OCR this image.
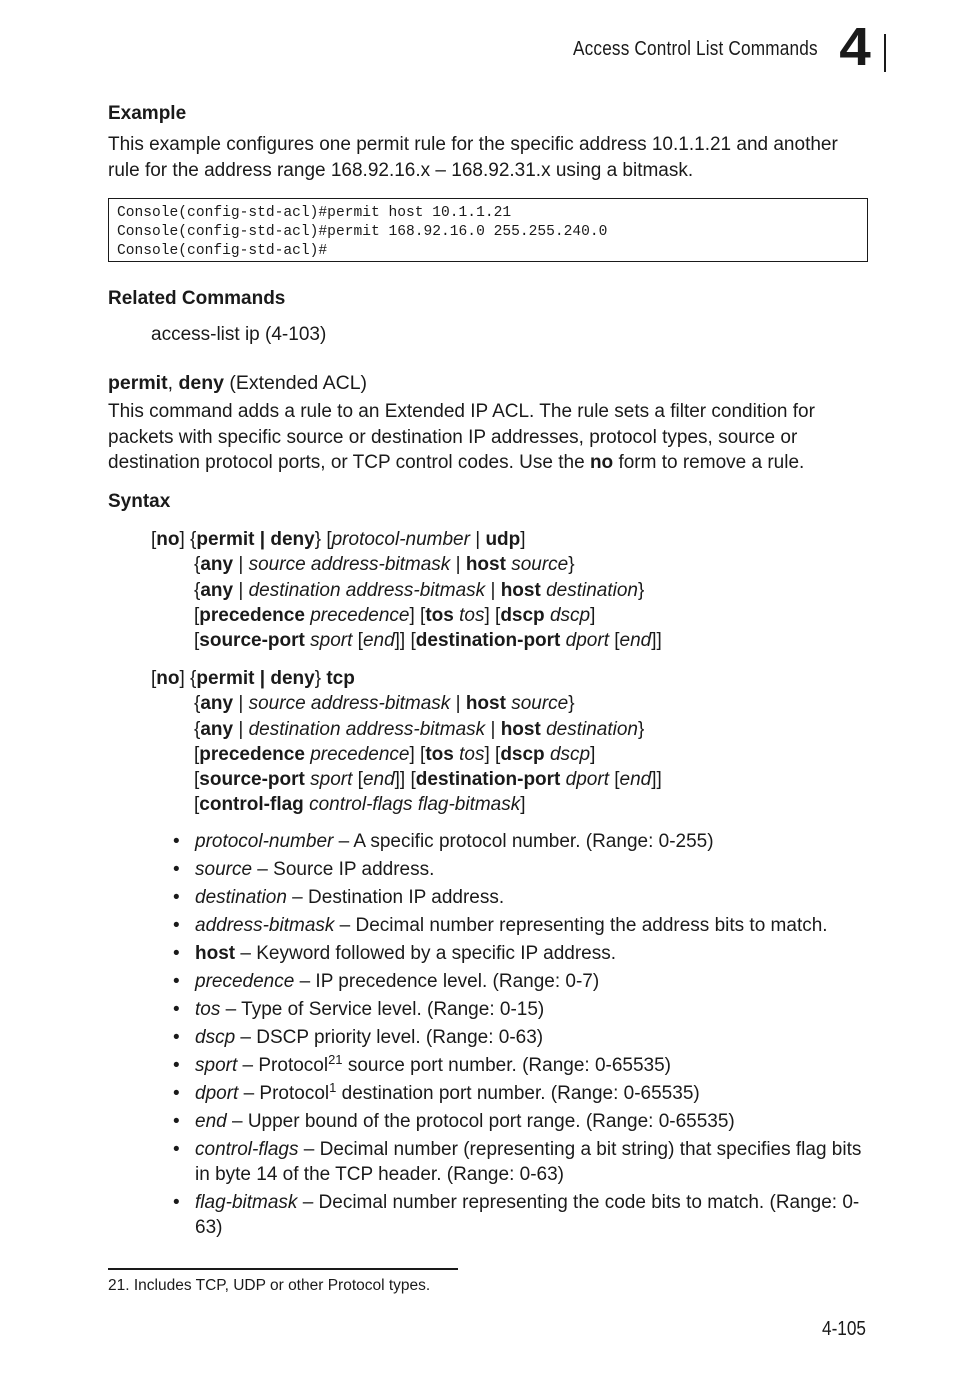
Access Control List Commands 4
Example
This example configures one permit rule for the specific address 10.1.1.21 and another rule for the address range 168.92.16.x – 168.92.31.x using a bitmask.
Console(config-std-acl)#permit host 10.1.1.21
Console(config-std-acl)#permit 168.92.16.0 255.255.240.0
Console(config-std-acl)#
Related Commands
access-list ip (4-103)
permit, deny (Extended ACL)
This command adds a rule to an Extended IP ACL. The rule sets a filter condition for packets with specific source or destination IP addresses, protocol types, source or destination protocol ports, or TCP control codes. Use the no form to remove a rule.
Syntax
[no] {permit | deny} [protocol-number | udp]
{any | source address-bitmask | host source}
{any | destination address-bitmask | host destination}
[precedence precedence] [tos tos] [dscp dscp]
[source-port sport [end]] [destination-port dport [end]]
[no] {permit | deny} tcp
{any | source address-bitmask | host source}
{any | destination address-bitmask | host destination}
[precedence precedence] [tos tos] [dscp dscp]
[source-port sport [end]] [destination-port dport [end]]
[control-flag control-flags flag-bitmask]
• protocol-number – A specific protocol number. (Range: 0-255)
• source – Source IP address.
• destination – Destination IP address.
• address-bitmask – Decimal number representing the address bits to match.
• host – Keyword followed by a specific IP address.
• precedence – IP precedence level. (Range: 0-7)
• tos – Type of Service level. (Range: 0-15)
• dscp – DSCP priority level. (Range: 0-63)
• sport – Protocol$^{21}$ source port number. (Range: 0-65535)
• dport – Protocol$^1$ destination port number. (Range: 0-65535)
• end – Upper bound of the protocol port range. (Range: 0-65535)
• control-flags – Decimal number (representing a bit string) that specifies flag bits in byte 14 of the TCP header. (Range: 0-63)
• flag-bitmask – Decimal number representing the code bits to match. (Range: 0-63)
21. Includes TCP, UDP or other Protocol types.
4-105
